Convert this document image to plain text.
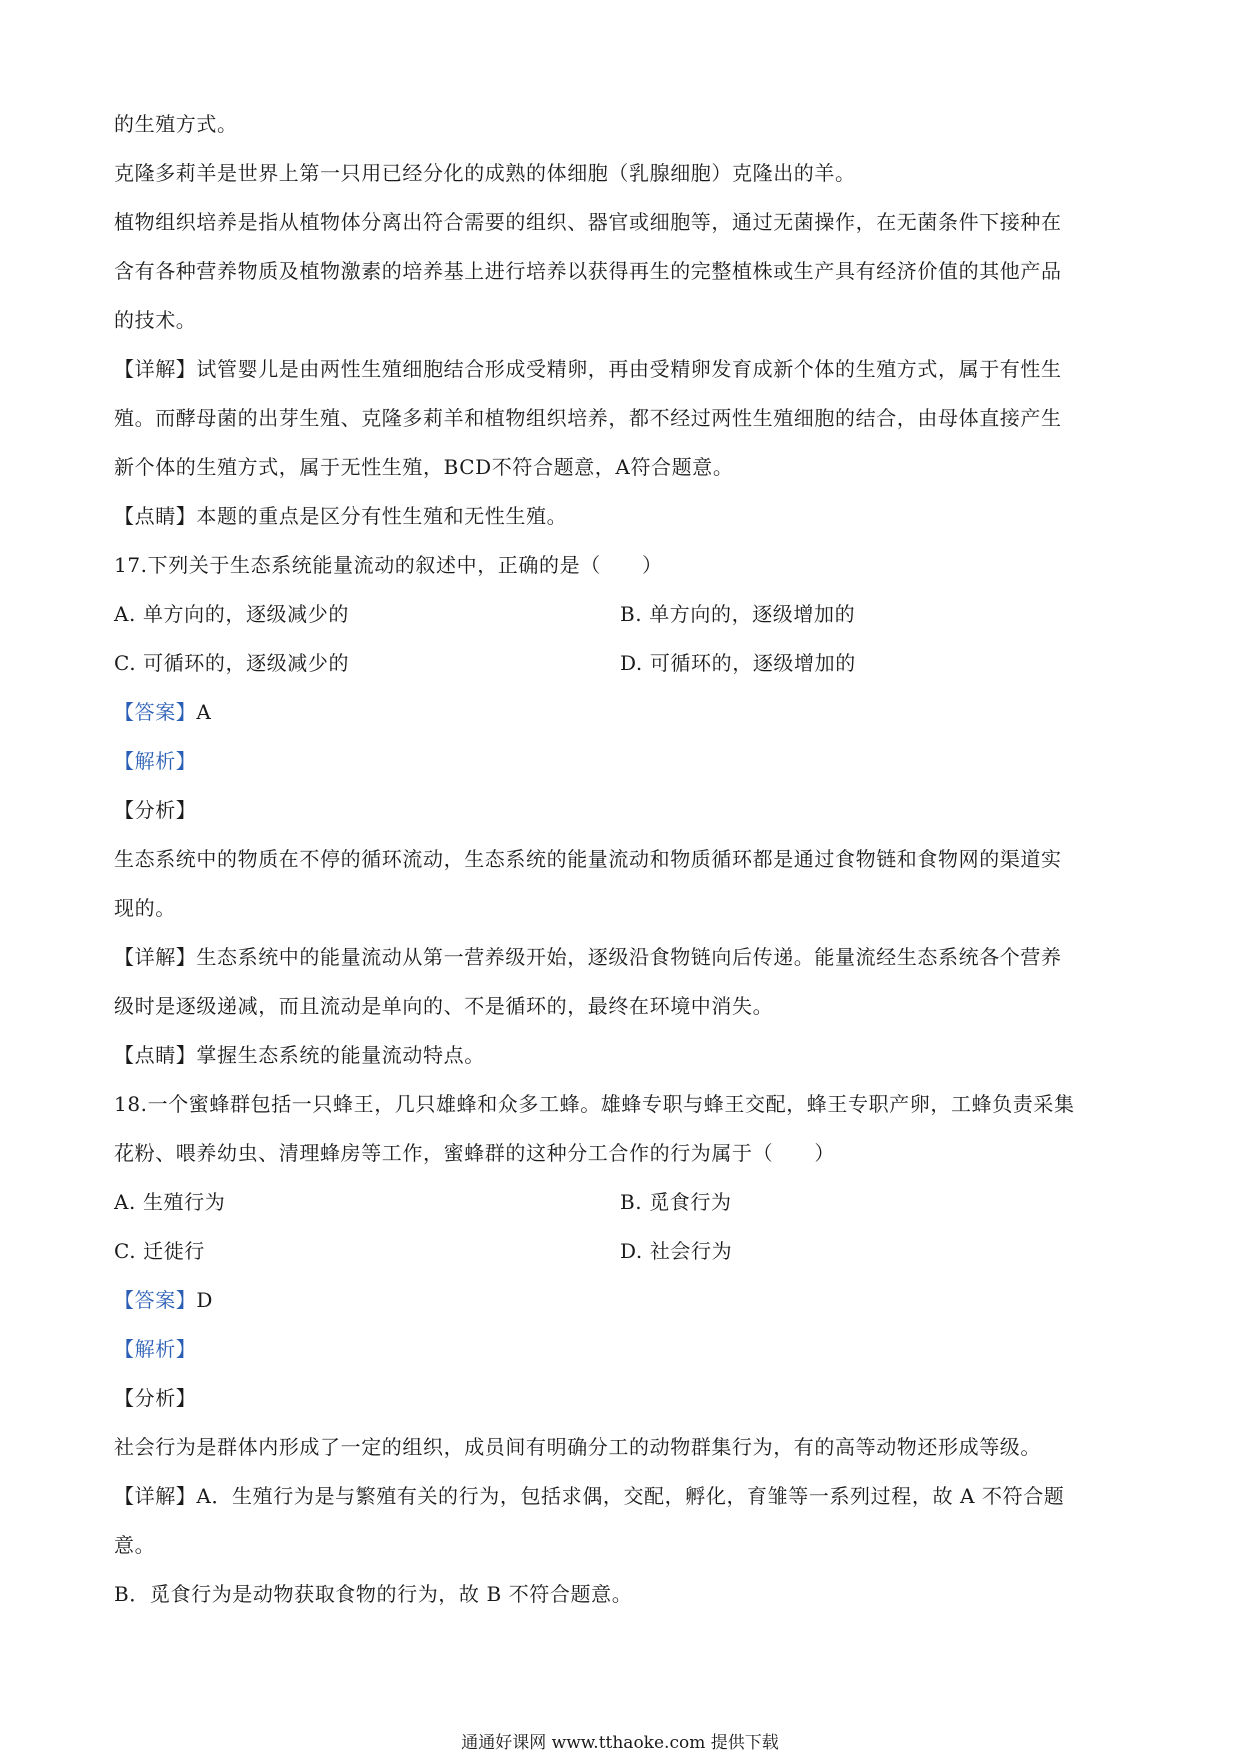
的生殖方式。
克隆多莉羊是世界上第一只用已经分化的成熟的体细胞（乳腺细胞）克隆出的羊。
植物组织培养是指从植物体分离出符合需要的组织、器官或细胞等，通过无菌操作，在无菌条件下接种在
含有各种营养物质及植物激素的培养基上进行培养以获得再生的完整植株或生产具有经济价值的其他产品
的技术。
【详解】试管婴儿是由两性生殖细胞结合形成受精卵，再由受精卵发育成新个体的生殖方式，属于有性生
殖。而酵母菌的出芽生殖、克隆多莉羊和植物组织培养，都不经过两性生殖细胞的结合，由母体直接产生
新个体的生殖方式，属于无性生殖，BCD不符合题意，A符合题意。
【点睛】本题的重点是区分有性生殖和无性生殖。
17.下列关于生态系统能量流动的叙述中，正确的是（　　）
A. 单方向的，逐级减少的	B. 单方向的，逐级增加的
C. 可循环的，逐级减少的	D. 可循环的，逐级增加的
【答案】A
【解析】
【分析】
生态系统中的物质在不停的循环流动，生态系统的能量流动和物质循环都是通过食物链和食物网的渠道实
现的。
【详解】生态系统中的能量流动从第一营养级开始，逐级沿食物链向后传递。能量流经生态系统各个营养
级时是逐级递减，而且流动是单向的、不是循环的，最终在环境中消失。
【点睛】掌握生态系统的能量流动特点。
18.一个蜜蜂群包括一只蜂王，几只雄蜂和众多工蜂。雄蜂专职与蜂王交配，蜂王专职产卵，工蜂负责采集
花粉、喂养幼虫、清理蜂房等工作，蜜蜂群的这种分工合作的行为属于（　　）
A. 生殖行为	B. 觅食行为
C. 迁徙行	D. 社会行为
【答案】D
【解析】
【分析】
社会行为是群体内形成了一定的组织，成员间有明确分工的动物群集行为，有的高等动物还形成等级。
【详解】A．生殖行为是与繁殖有关的行为，包括求偶，交配，孵化，育雏等一系列过程，故 A 不符合题
意。
B．觅食行为是动物获取食物的行为，故 B 不符合题意。
通通好课网 www.tthaoke.com 提供下载
